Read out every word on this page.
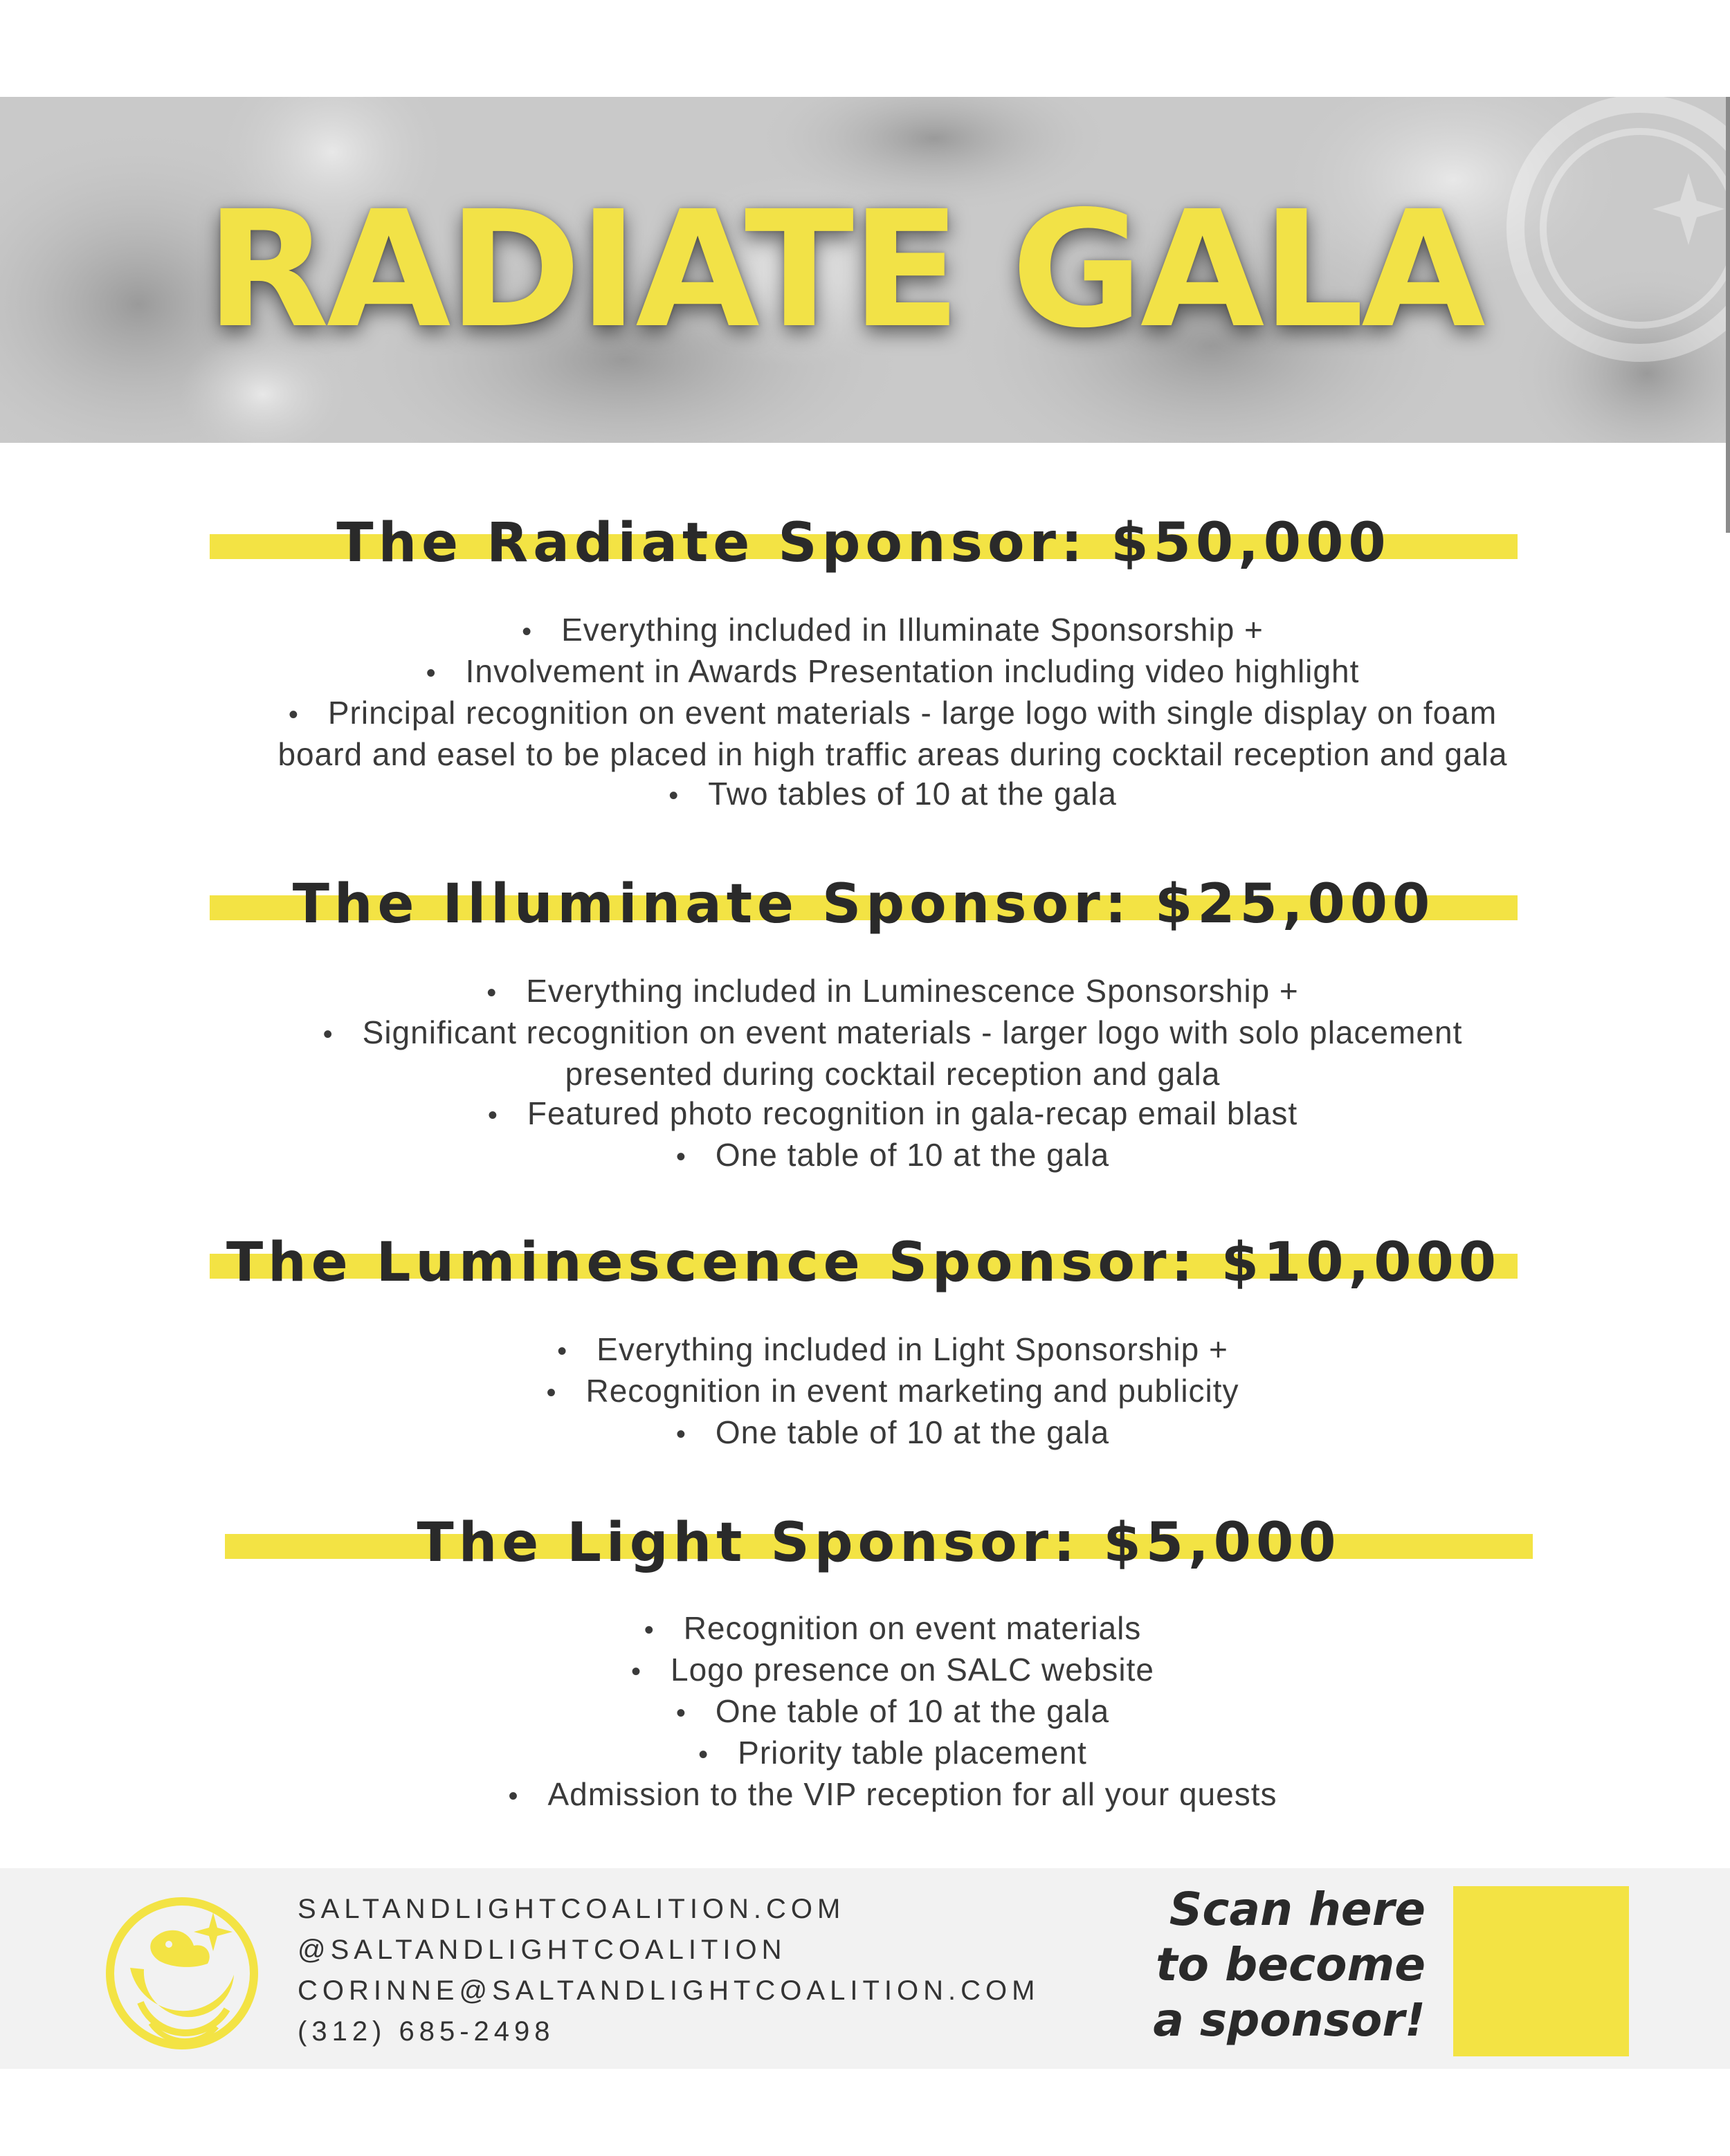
RADIATE GALA
The Radiate Sponsor: $50,000
• Everything included in Illuminate Sponsorship +
• Involvement in Awards Presentation including video highlight
• Principal recognition on event materials - large logo with single display on foam
board and easel to be placed in high traffic areas during cocktail reception and gala
• Two tables of 10 at the gala
The Illuminate Sponsor: $25,000
• Everything included in Luminescence Sponsorship +
• Significant recognition on event materials - larger logo with solo placement
presented during cocktail reception and gala
• Featured photo recognition in gala-recap email blast
• One table of 10 at the gala
The Luminescence Sponsor: $10,000
• Everything included in Light Sponsorship +
• Recognition in event marketing and publicity
• One table of 10 at the gala
The Light Sponsor: $5,000
• Recognition on event materials
• Logo presence on SALC website
• One table of 10 at the gala
• Priority table placement
• Admission to the VIP reception for all your quests
SALTANDLIGHTCOALITION.COM
@SALTANDLIGHTCOALITION
CORINNE@SALTANDLIGHTCOALITION.COM
(312) 685-2498
Scan here
to become
a sponsor!
